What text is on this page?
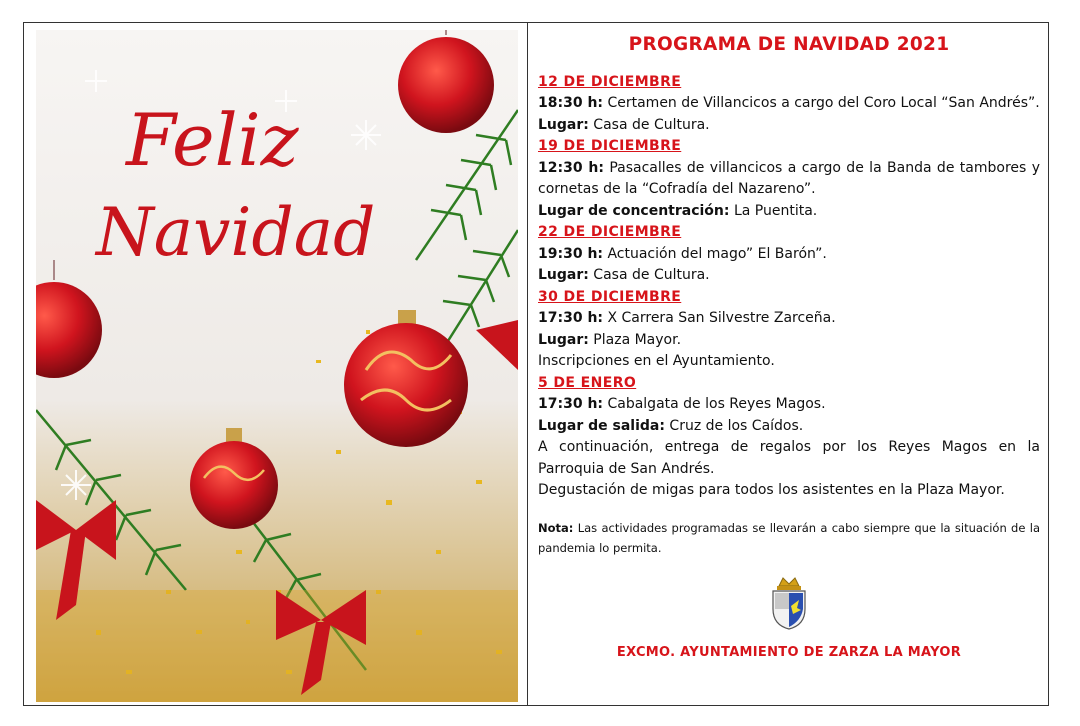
Feliz
Navidad
PROGRAMA DE NAVIDAD 2021
12 DE DICIEMBRE
18:30 h: Certamen de Villancicos a cargo del Coro Local “San Andrés”.
Lugar: Casa de Cultura.
19 DE DICIEMBRE
12:30 h: Pasacalles de villancicos a cargo de la Banda de tambores y cornetas de la “Cofradía del Nazareno”.
Lugar de concentración: La Puentita.
22 DE DICIEMBRE
19:30 h: Actuación del mago” El Barón”.
Lugar: Casa de Cultura.
30 DE DICIEMBRE
17:30 h: X Carrera San Silvestre Zarceña.
Lugar: Plaza Mayor.
Inscripciones en el Ayuntamiento.
5 DE ENERO
17:30 h: Cabalgata de los Reyes Magos.
Lugar de salida: Cruz de los Caídos.
A continuación, entrega de regalos por los Reyes Magos en la Parroquia de San Andrés.
Degustación de migas para todos los asistentes en la Plaza Mayor.
Nota: Las actividades programadas se llevarán a cabo siempre que la situación de la pandemia lo permita.
EXCMO. AYUNTAMIENTO DE ZARZA LA MAYOR
